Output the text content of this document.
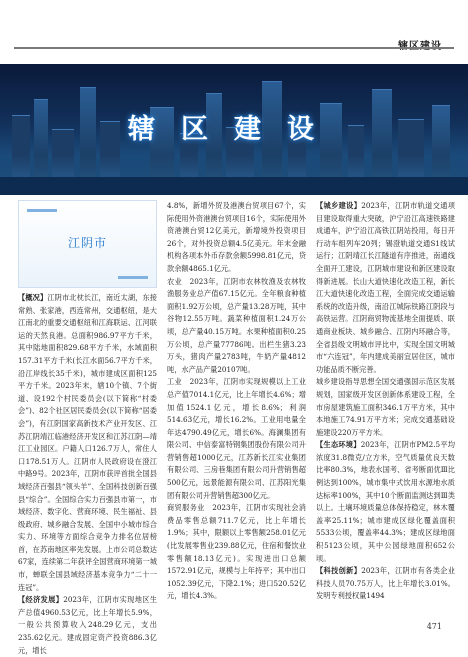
辖区建设
江阴市

【概况】江阴市北枕长江，南近太湖，东接常熟、张家港，西连常州，交通枢纽，是大江南北的重要交通枢纽和江海联运、江河联运的天然良港。总面积986.97平方千米，其中陆地面积829.68平方千米，水域面积157.31平方千米(长江水面56.7平方千米，沿江岸线长35千米)，城市建成区面积125平方千米。2023年末，辖10个镇、7个街道、设192个村民委员会(以下简称“村委会”)、82个社区居民委员会(以下简称“居委会”)，有江阴国家高新技术产业开发区、江苏江阴靖江临港经济开发区和江苏江阴—靖江工业园区。户籍人口126.7万人，常住人口178.51万人。江阴市人民政府设在澄江中路9号。2023年，江阴市获评首批全国县域经济百强县“领头羊”、全国科技创新百强县“综合”。全国综合实力百强县市第一，市域经济、数字化、营商环境、民生福祉、县级政府、城乡融合发展、全国中小城市综合实力、环境等方面综合竞争力排名位居榜首，在苏南地区率先发展。上市公司总数达67家，连续第二年获评全国营商环境第一城市，蝉联全国县域经济基本竞争力“二十一连冠”。

【经济发展】2023年，江阴市实现地区生产总值4960.53亿元，比上年增长5.9%，一般公共预算收入248.29亿元，支出235.62亿元。建成固定资产投资886.3亿元，增长

4.8%，新增外贸及港澳台贸项目67个，实际使用外资港澳台贸项目16个，实际使用外资港澳台贸12亿美元，新增境外投资项目26个，对外投资总额4.5亿美元。年末金融机构各项本外币存款余额5998.81亿元，贷款余额4865.1亿元。

农业　2023年，江阴市农林牧渔及农林牧渔服务业总产值67.15亿元。全年粮食种植面积1.92万公顷，总产量13.28万吨，其中谷物12.55万吨。蔬菜种植面积1.24万公顷，总产量40.15万吨。水果种植面积0.25万公顷，总产量77786吨。出栏生猪3.23万头，猪肉产量2783吨，牛奶产量4812吨，水产品产量20107吨。

工业　2023年，江阴市实现规模以上工业总产值7014.1亿元，比上年增长4.6%；增加值1524.1亿元，增长8.6%；利润514.63亿元，增长16.2%。工业用电量全年达4790.49亿元，增长6%。海澜集团有限公司、中信泰富特钢集团股份有限公司升营销售超1000亿元，江苏新长江实业集团有限公司、三房巷集团有限公司升营销售超500亿元，远景能源有限公司、江苏阳光集团有限公司升营销售超300亿元。

商贸服务业　2023年，江阴市实现社会消费品零售总额711.7亿元，比上年增长1.9%；其中，限额以上零售额258.01亿元(比发展零售业239.88亿元，住宿和餐饮业零售额18.13亿元)。实现进出口总额1572.91亿元，规模与上年持平；其中出口1052.39亿元，下降2.1%；进口520.52亿元，增长4.3%。

【城乡建设】2023年，江阴市轨道交通项目建设取得重大突破，沪宁沿江高速铁路建成通车，沪宁沿江高铁江阴站投用，每日开行动车组列车20列；锡澄轨道交通S1线试运行；江阴靖江长江隧道有序推进，南通线全面开工建设，江阴城市建设和新区建设取得新进展。长山大道快速化改造工程，新长江大道快速化改造工程，全面完成交通运输系统的改造升级，南沿江城际铁路江阴段与高铁运营。江阴商贸物流基地全面提质、联通商业板块、城乡融合、江阴内环融合等，全省县级文明城市评比中，实现全国文明城市“六连冠”，年内建成美丽宜居住区，城市功能品质不断完善。

城乡建设指导思想全国交通强国示范区发展规划，国家级开发区创新体系建设工程，全市房屋建筑施工面积346.1万平方米，其中本地施工74.91万平方米；完成交通基础设施建设220万平方米。

【生态环境】2023年，江阴市PM2.5平均浓度31.8微克/立方米，空气质量优良天数比率80.3%，地表水国考、省考断面优Ⅲ比例达到100%，城市集中式饮用水源地水质达标率100%，其中10个断面监测达到Ⅲ类以上。土壤环境质量总体保持稳定，林木覆盖率25.11%；城市建成区绿化覆盖面积5533公顷，覆盖率44.3%；建成区绿地面积5123公顷，其中公园绿地面积652公顷。

【科技创新】2023年，江阴市有各类企业科技人员70.75万人，比上年增长3.01%。发明专利授权量1494

471
